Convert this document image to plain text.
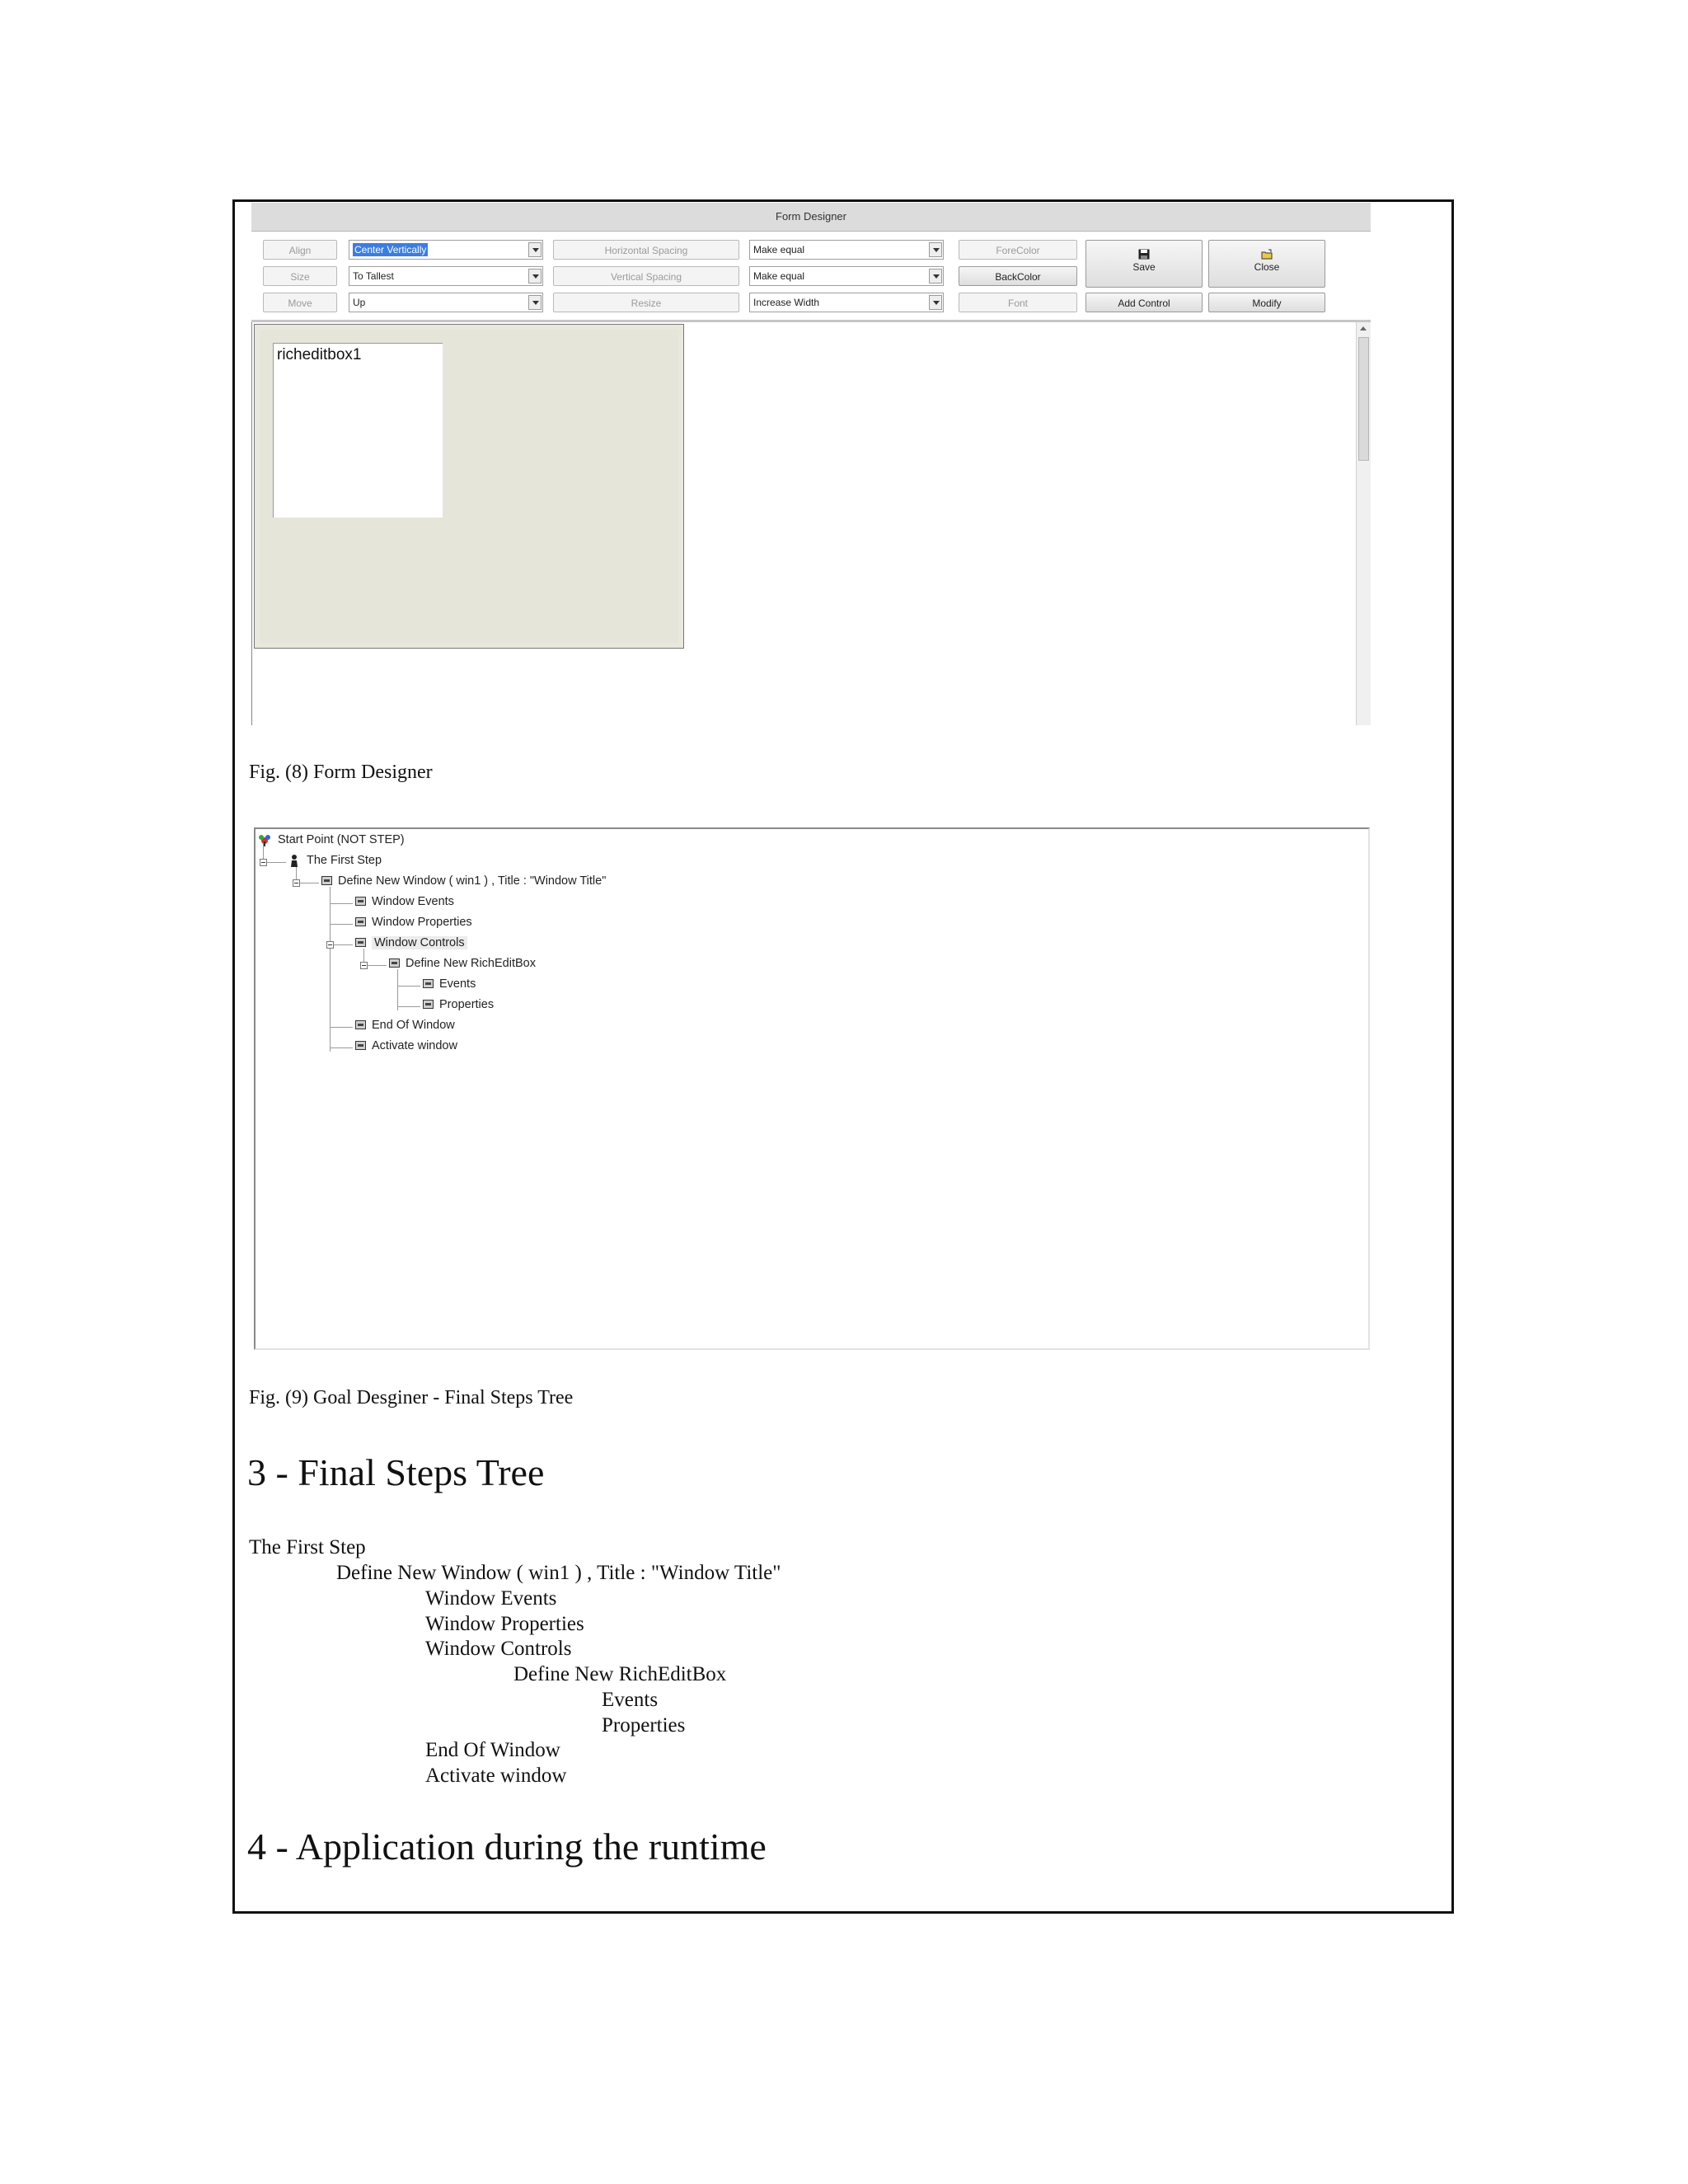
Form Designer
Align
Size
Move
Center Vertically
To Tallest
Up
Horizontal Spacing
Vertical Spacing
Resize
Make equal
Make equal
Increase Width
ForeColor
BackColor
Font
Save	Close
Add Control	Modify
richeditbox1
Fig. (8) Form Designer
Start Point (NOT STEP)
The First Step
Define New Window ( win1 ) , Title : "Window Title"
Window Events
Window Properties
Window Controls
Define New RichEditBox
Events
Properties
End Of Window
Activate window
Fig. (9) Goal Desginer - Final Steps Tree
3 - Final Steps Tree
The First Step
Define New Window ( win1 ) , Title : "Window Title"
Window Events
Window Properties
Window Controls
Define New RichEditBox
Events
Properties
End Of Window
Activate window
4 - Application during the runtime
